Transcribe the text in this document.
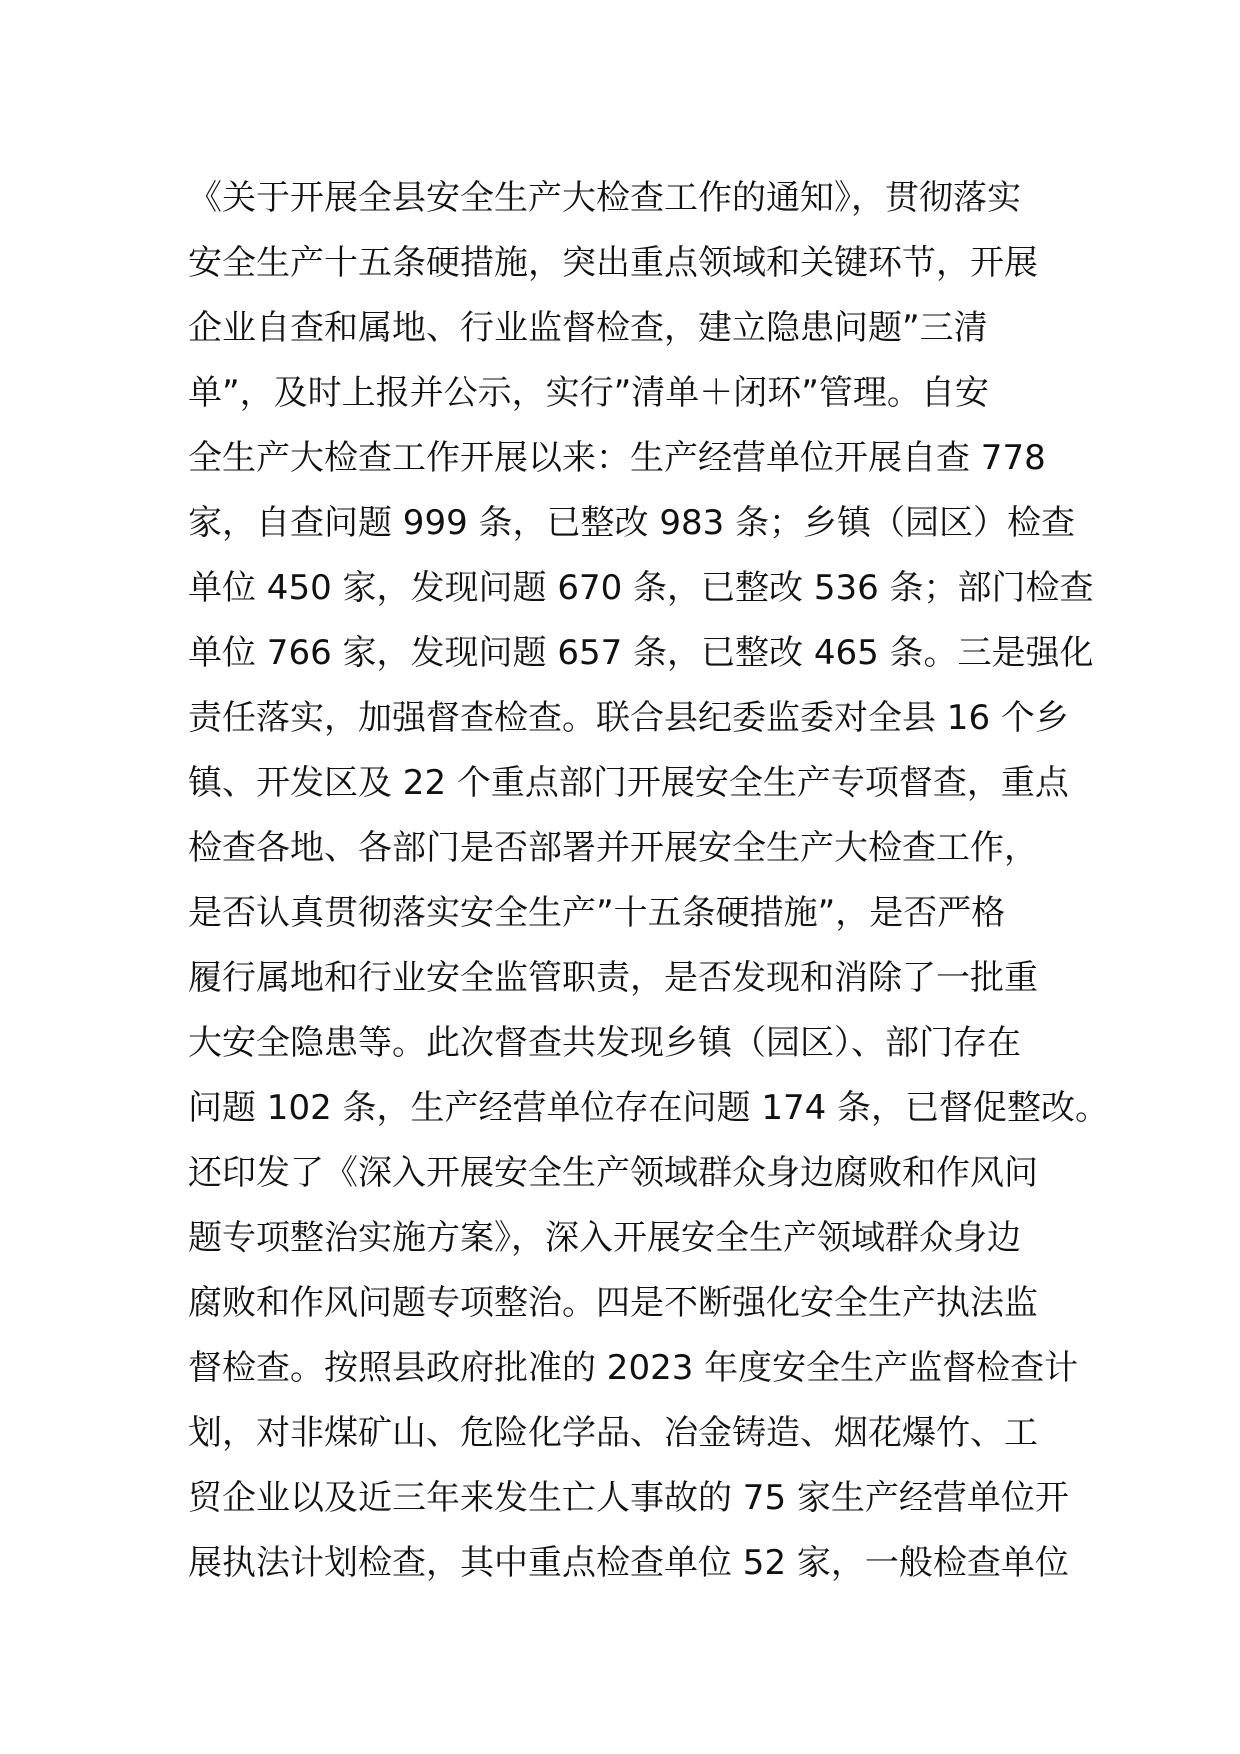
《关于开展全县安全生产大检查工作的通知》，贯彻落实
安全生产十五条硬措施，突出重点领域和关键环节，开展
企业自查和属地、行业监督检查，建立隐患问题”三清
单”，及时上报并公示，实行”清单＋闭环”管理。自安
全生产大检查工作开展以来：生产经营单位开展自查 778
家，自查问题 999 条，已整改 983 条；乡镇（园区）检查
单位 450 家，发现问题 670 条，已整改 536 条；部门检查
单位 766 家，发现问题 657 条，已整改 465 条。三是强化
责任落实，加强督查检查。联合县纪委监委对全县 16 个乡
镇、开发区及 22 个重点部门开展安全生产专项督查，重点
检查各地、各部门是否部署并开展安全生产大检查工作，
是否认真贯彻落实安全生产”十五条硬措施”，是否严格
履行属地和行业安全监管职责，是否发现和消除了一批重
大安全隐患等。此次督查共发现乡镇（园区）、部门存在
问题 102 条，生产经营单位存在问题 174 条，已督促整改。
还印发了《深入开展安全生产领域群众身边腐败和作风问
题专项整治实施方案》，深入开展安全生产领域群众身边
腐败和作风问题专项整治。四是不断强化安全生产执法监
督检查。按照县政府批准的 2023 年度安全生产监督检查计
划，对非煤矿山、危险化学品、冶金铸造、烟花爆竹、工
贸企业以及近三年来发生亡人事故的 75 家生产经营单位开
展执法计划检查，其中重点检查单位 52 家，一般检查单位
